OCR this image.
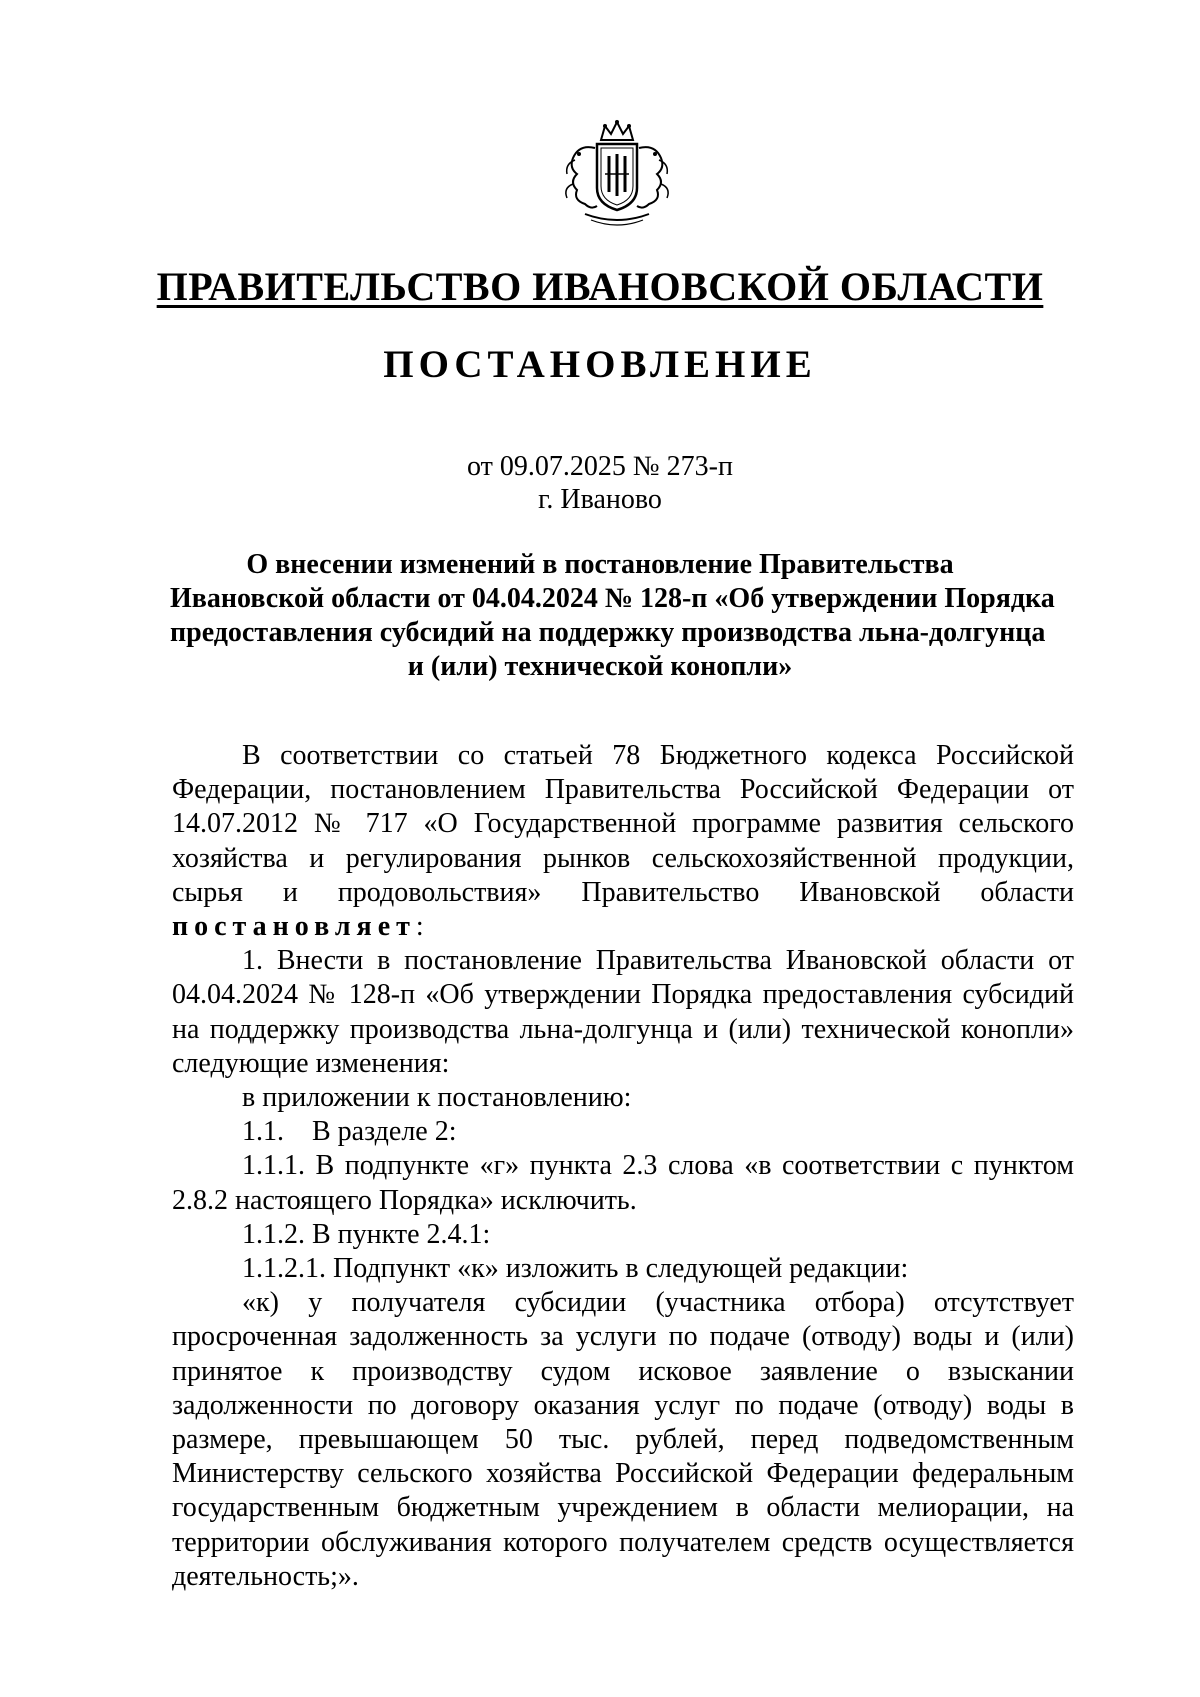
ПРАВИТЕЛЬСТВО ИВАНОВСКОЙ ОБЛАСТИ
ПОСТАНОВЛЕНИЕ
от 09.07.2025 № 273-п
г. Иваново
О внесении изменений в постановление Правительства
Ивановской области от 04.04.2024 № 128-п «Об утверждении Порядка
предоставления субсидий на поддержку производства льна-долгунца
и (или) технической конопли»

В соответствии со статьей 78 Бюджетного кодекса Российской Федерации, постановлением Правительства Российской Федерации от 14.07.2012 № 717 «О Государственной программе развития сельского хозяйства и регулирования рынков сельскохозяйственной продукции, сырья и продовольствия» Правительство Ивановской области постановляет:

1. Внести в постановление Правительства Ивановской области от 04.04.2024 № 128-п «Об утверждении Порядка предоставления субсидий на поддержку производства льна-долгунца и (или) технической конопли» следующие изменения:

в приложении к постановлению:

1.1.    В разделе 2:

1.1.1. В подпункте «г» пункта 2.3 слова «в соответствии с пунктом 2.8.2 настоящего Порядка» исключить.

1.1.2. В пункте 2.4.1:

1.1.2.1. Подпункт «к» изложить в следующей редакции:

«к) у получателя субсидии (участника отбора) отсутствует просроченная задолженность за услуги по подаче (отводу) воды и (или) принятое к производству судом исковое заявление о взыскании задолженности по договору оказания услуг по подаче (отводу) воды в размере, превышающем 50 тыс. рублей, перед подведомственным Министерству сельского хозяйства Российской Федерации федеральным государственным бюджетным учреждением в области мелиорации, на территории обслуживания которого получателем средств осуществляется деятельность;».
